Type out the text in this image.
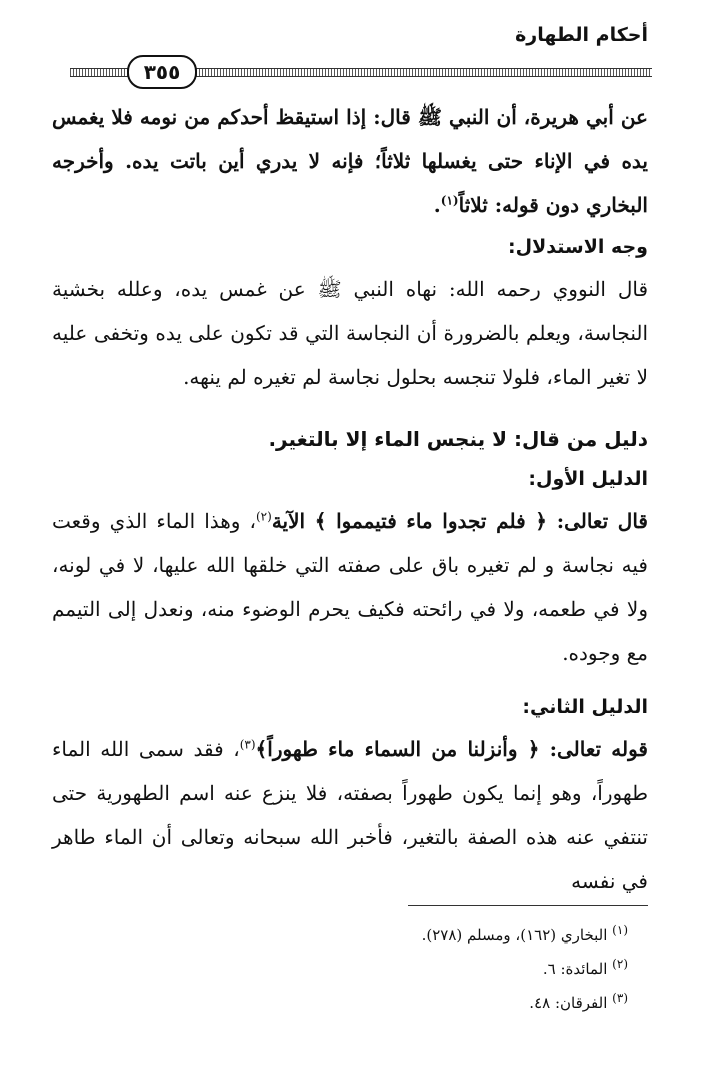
أحكام الطهارة
٣٥٥

عن أبي هريرة، أن النبي ﷺ قال: إذا استيقظ أحدكم من نومه فلا يغمس يده في الإناء حتى يغسلها ثلاثاً؛ فإنه لا يدري أين باتت يده. وأخرجه البخاري دون قوله: ثلاثاً$^{(١)}$.

وجه الاستدلال:

قال النووي رحمه الله: نهاه النبي ﷺ عن غمس يده، وعلله بخشية النجاسة، ويعلم بالضرورة أن النجاسة التي قد تكون على يده وتخفى عليه لا تغير الماء، فلولا تنجسه بحلول نجاسة لم تغيره لم ينهه.

دليل من قال: لا ينجس الماء إلا بالتغير.

الدليل الأول:

قال تعالى: ﴿ فلم تجدوا ماء فتيمموا ﴾ الآية$^{(٢)}$، وهذا الماء الذي وقعت فيه نجاسة و لم تغيره باق على صفته التي خلقها الله عليها، لا في لونه، ولا في طعمه، ولا في رائحته فكيف يحرم الوضوء منه، ونعدل إلى التيمم مع وجوده.

الدليل الثاني:

قوله تعالى: ﴿ وأنزلنا من السماء ماء طهوراً﴾$^{(٣)}$، فقد سمى الله الماء طهوراً، وهو إنما يكون طهوراً بصفته، فلا ينزع عنه اسم الطهورية حتى تنتفي عنه هذه الصفة بالتغير، فأخبر الله سبحانه وتعالى أن الماء طاهر في نفسه

$^{(١)}$ البخاري (١٦٢)، ومسلم (٢٧٨).

$^{(٢)}$ المائدة: ٦.

$^{(٣)}$ الفرقان: ٤٨.
